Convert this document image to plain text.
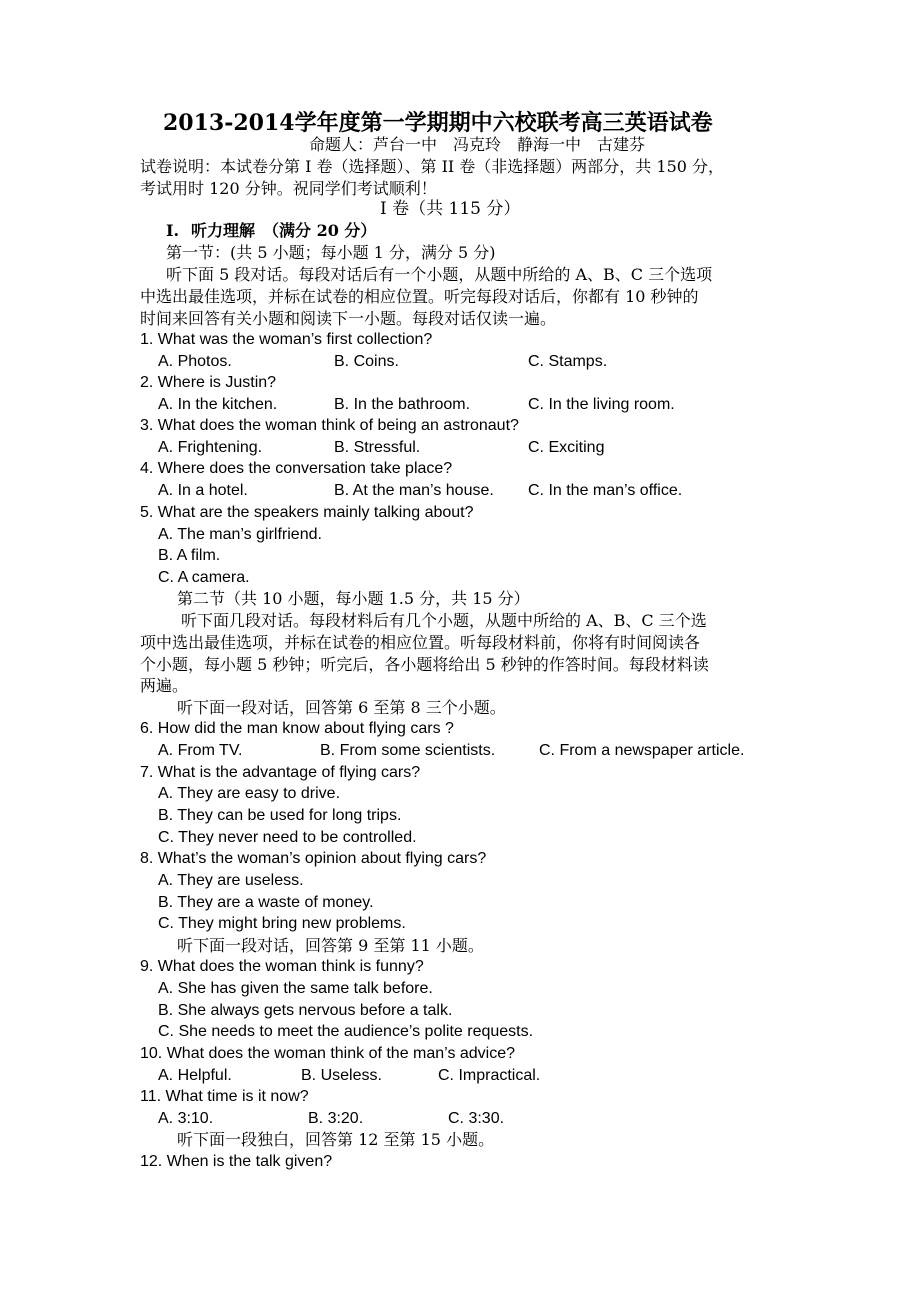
2013-2014学年度第一学期期中六校联考高三英语试卷
命题人：芦台一中　冯克玲　静海一中　古建芬
试卷说明：本试卷分第 I 卷（选择题）、第 II 卷（非选择题）两部分，共 150 分，
考试用时 120 分钟。祝同学们考试顺利！
I 卷（共 115 分）
I. 听力理解　（满分 20 分）
第一节：(共 5 小题；每小题 1 分，满分 5 分)
听下面 5 段对话。每段对话后有一个小题，从题中所给的 A、B、C 三个选项
中选出最佳选项，并标在试卷的相应位置。听完每段对话后，你都有 10 秒钟的
时间来回答有关小题和阅读下一小题。每段对话仅读一遍。
1. What was the woman’s first collection?
A. Photos.	B. Coins.	C. Stamps.
2. Where is Justin?
A. In the kitchen.	B. In the bathroom.	C. In the living room.
3. What does the woman think of being an astronaut?
A. Frightening.	B. Stressful.	C. Exciting
4. Where does the conversation take place?
A. In a hotel.	B. At the man’s house. C. In the man’s office.
5. What are the speakers mainly talking about?
A. The man’s girlfriend.
B. A film.
C. A camera.
第二节（共 10 小题，每小题 1.5 分，共 15 分）
听下面几段对话。每段材料后有几个小题，从题中所给的 A、B、C 三个选
项中选出最佳选项，并标在试卷的相应位置。听每段材料前，你将有时间阅读各
个小题，每小题 5 秒钟；听完后，各小题将给出 5 秒钟的作答时间。每段材料读
两遍。
听下面一段对话，回答第 6 至第 8 三个小题。
6. How did the man know about flying cars ?
A. From TV.	B. From some scientists.	C. From a newspaper article.
7. What is the advantage of flying cars?
A. They are easy to drive.
B. They can be used for long trips.
C. They never need to be controlled.
8. What’s the woman’s opinion about flying cars?
A. They are useless.
B. They are a waste of money.
C. They might bring new problems.
听下面一段对话，回答第 9 至第 11 小题。
9. What does the woman think is funny?
A. She has given the same talk before.
B. She always gets nervous before a talk.
C. She needs to meet the audience’s polite requests.
10. What does the woman think of the man’s advice?
A. Helpful.	B. Useless.	C. Impractical.
11. What time is it now?
A. 3:10.	B. 3:20.	C. 3:30.
听下面一段独白，回答第 12 至第 15 小题。
12. When is the talk given?
